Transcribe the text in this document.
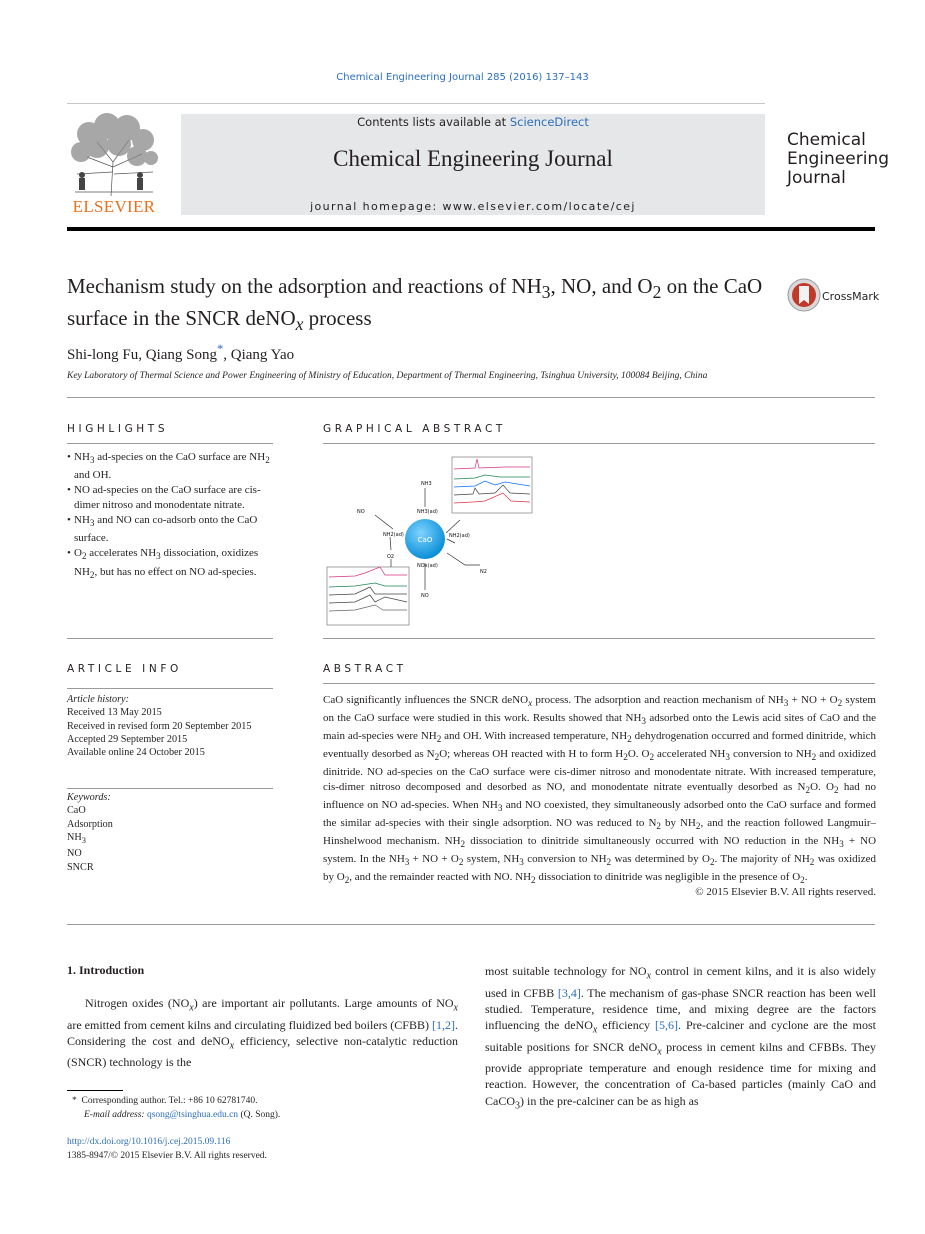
Chemical Engineering Journal 285 (2016) 137–143
ELSEVIER
Contents lists available at ScienceDirect
Chemical Engineering Journal
journal homepage: www.elsevier.com/locate/cej
Chemical
Engineering
Journal
Mechanism study on the adsorption and reactions of $NH_3$, NO, and $O_2$ on the CaO surface in the SNCR deNO$_x$ process
CrossMark
Shi-long Fu, Qiang Song*, Qiang Yao
Key Laboratory of Thermal Science and Power Engineering of Ministry of Education, Department of Thermal Engineering, Tsinghua University, 100084 Beijing, China
HIGHLIGHTS	GRAPHICAL ABSTRACT
• $NH_3$ ad-species on the CaO surface are $NH_2$ and OH.
• NO ad-species on the CaO surface are cis-dimer nitroso and monodentate nitrate.
• $NH_3$ and NO can co-adsorb onto the CaO surface.
• $O_2$ accelerates $NH_3$ dissociation, oxidizes $NH_2$, but has no effect on NO ad-species.
CaO
NH3
NO	NH3(ad)
NH2(ad)
O2
NH2(ad)
NOx(ad)
N2
NO
ARTICLE INFO	ABSTRACT
Article history:
Received 13 May 2015
Received in revised form 20 September 2015
Accepted 29 September 2015
Available online 24 October 2015
Keywords:
CaO
Adsorption
$NH_3$
NO
SNCR
CaO significantly influences the SNCR deNO$_x$ process. The adsorption and reaction mechanism of $NH_3$ + NO + $O_2$ system on the CaO surface were studied in this work. Results showed that $NH_3$ adsorbed onto the Lewis acid sites of CaO and the main ad-species were $NH_2$ and OH. With increased temperature, $NH_2$ dehydrogenation occurred and formed dinitride, which eventually desorbed as $N_2O$; whereas OH reacted with H to form $H_2O$. $O_2$ accelerated $NH_3$ conversion to $NH_2$ and oxidized dinitride. NO ad-species on the CaO surface were cis-dimer nitroso and monodentate nitrate. With increased temperature, cis-dimer nitroso decomposed and desorbed as NO, and monodentate nitrate eventually desorbed as $N_2O$. $O_2$ had no influence on NO ad-species. When $NH_3$ and NO coexisted, they simultaneously adsorbed onto the CaO surface and formed the similar ad-species with their single adsorption. NO was reduced to $N_2$ by $NH_2$, and the reaction followed Langmuir–Hinshelwood mechanism. $NH_2$ dissociation to dinitride simultaneously occurred with NO reduction in the $NH_3$ + NO system. In the $NH_3$ + NO + $O_2$ system, $NH_3$ conversion to $NH_2$ was determined by $O_2$. The majority of $NH_2$ was oxidized by $O_2$, and the remainder reacted with NO. $NH_2$ dissociation to dinitride was negligible in the presence of $O_2$.
© 2015 Elsevier B.V. All rights reserved.
1. Introduction
Nitrogen oxides $(NO_x)$ are important air pollutants. Large amounts of $NO_x$ are emitted from cement kilns and circulating fluidized bed boilers (CFBB) [1,2]. Considering the cost and deNO$_x$ efficiency, selective non-catalytic reduction (SNCR) technology is the
most suitable technology for $NO_x$ control in cement kilns, and it is also widely used in CFBB [3,4]. The mechanism of gas-phase SNCR reaction has been well studied. Temperature, residence time, and mixing degree are the factors influencing the deNO$_x$ efficiency [5,6]. Pre-calciner and cyclone are the most suitable positions for SNCR deNO$_x$ process in cement kilns and CFBBs. They provide appropriate temperature and enough residence time for mixing and reaction. However, the concentration of Ca-based particles (mainly CaO and CaCO$_3$) in the pre-calciner can be as high as
*  Corresponding author. Tel.: +86 10 62781740.
E-mail address: qsong@tsinghua.edu.cn (Q. Song).
http://dx.doi.org/10.1016/j.cej.2015.09.116
1385-8947/© 2015 Elsevier B.V. All rights reserved.
